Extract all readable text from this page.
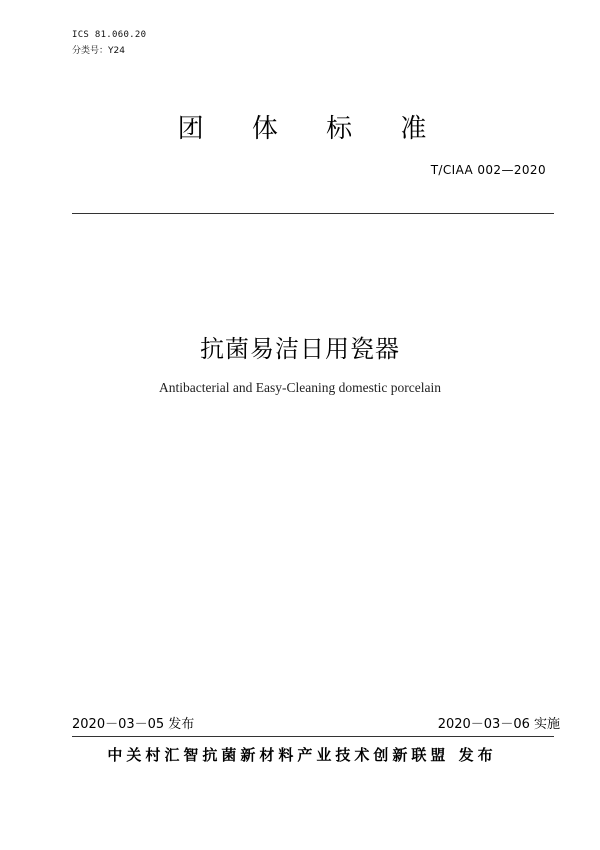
ICS 81.060.20
分类号：Y24
团 体 标 准
T/CIAA 002—2020
抗菌易洁日用瓷器
Antibacterial and Easy-Cleaning domestic porcelain
2020－03－05 发布	2020－03－06 实施
中关村汇智抗菌新材料产业技术创新联盟 发布
